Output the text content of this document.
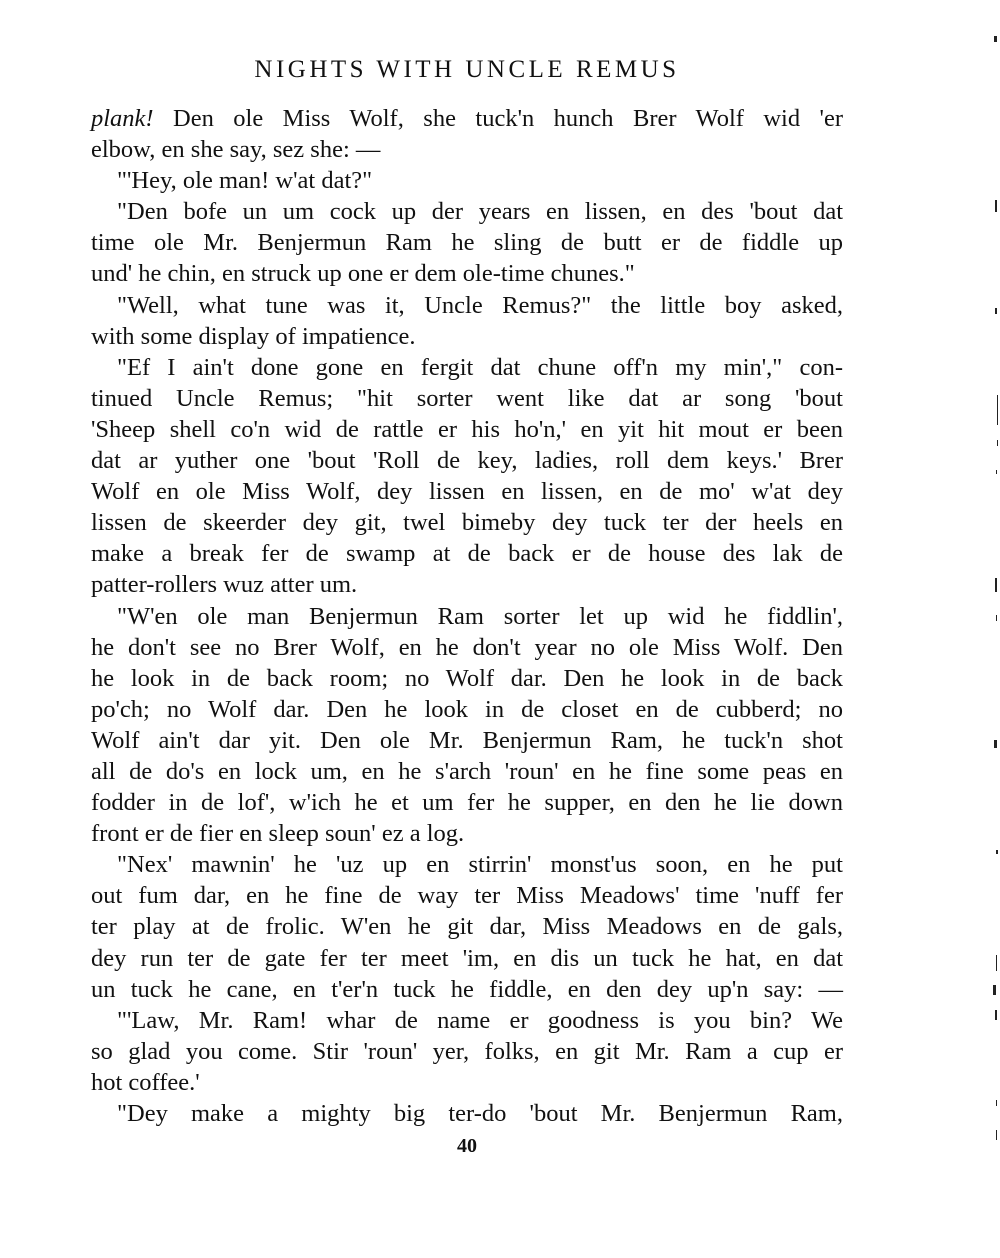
NIGHTS WITH UNCLE REMUS
plank! Den ole Miss Wolf, she tuck'n hunch Brer Wolf wid 'er
elbow, en she say, sez she: —
"'Hey, ole man! w'at dat?"
"Den bofe un um cock up der years en lissen, en des 'bout dat
time ole Mr. Benjermun Ram he sling de butt er de fiddle up
und' he chin, en struck up one er dem ole-time chunes."
"Well, what tune was it, Uncle Remus?" the little boy asked,
with some display of impatience.
"Ef I ain't done gone en fergit dat chune off'n my min'," con-
tinued Uncle Remus; "hit sorter went like dat ar song 'bout
'Sheep shell co'n wid de rattle er his ho'n,' en yit hit mout er been
dat ar yuther one 'bout 'Roll de key, ladies, roll dem keys.' Brer
Wolf en ole Miss Wolf, dey lissen en lissen, en de mo' w'at dey
lissen de skeerder dey git, twel bimeby dey tuck ter der heels en
make a break fer de swamp at de back er de house des lak de
patter-rollers wuz atter um.
"W'en ole man Benjermun Ram sorter let up wid he fiddlin',
he don't see no Brer Wolf, en he don't year no ole Miss Wolf. Den
he look in de back room; no Wolf dar. Den he look in de back
po'ch; no Wolf dar. Den he look in de closet en de cubberd; no
Wolf ain't dar yit. Den ole Mr. Benjermun Ram, he tuck'n shot
all de do's en lock um, en he s'arch 'roun' en he fine some peas en
fodder in de lof', w'ich he et um fer he supper, en den he lie down
front er de fier en sleep soun' ez a log.
"Nex' mawnin' he 'uz up en stirrin' monst'us soon, en he put
out fum dar, en he fine de way ter Miss Meadows' time 'nuff fer
ter play at de frolic. W'en he git dar, Miss Meadows en de gals,
dey run ter de gate fer ter meet 'im, en dis un tuck he hat, en dat
un tuck he cane, en t'er'n tuck he fiddle, en den dey up'n say: —
"'Law, Mr. Ram! whar de name er goodness is you bin? We
so glad you come. Stir 'roun' yer, folks, en git Mr. Ram a cup er
hot coffee.'
"Dey make a mighty big ter-do 'bout Mr. Benjermun Ram,
40
